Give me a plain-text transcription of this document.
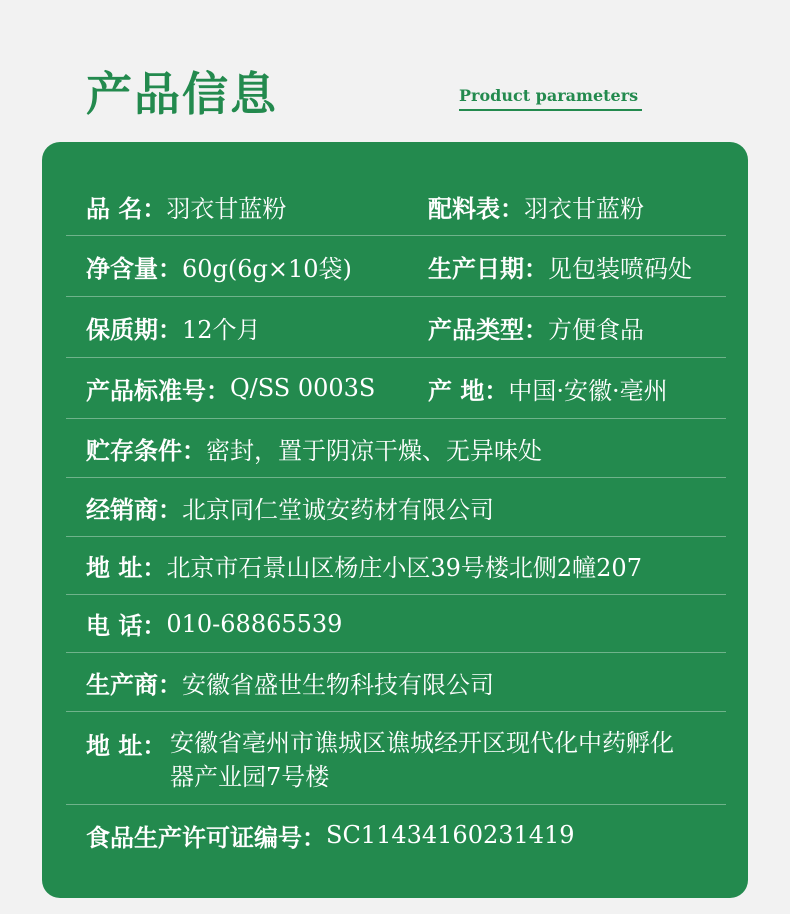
产品信息	Product parameters
品 名： 羽衣甘蓝粉	配料表： 羽衣甘蓝粉
净含量： 60g(6g×10袋)	生产日期： 见包装喷码处
保质期： 12个月	产品类型： 方便食品
产品标准号： Q/SS 0003S 产 地： 中国·安徽·亳州
贮存条件： 密封，置于阴凉干燥、无异味处
经销商： 北京同仁堂诚安药材有限公司
地 址： 北京市石景山区杨庄小区39号楼北侧2幢207
电 话： 010-68865539
生产商： 安徽省盛世生物科技有限公司
地 址： 安徽省亳州市谯城区谯城经开区现代化中药孵化
器产业园7号楼
食品生产许可证编号： SC11434160231419
